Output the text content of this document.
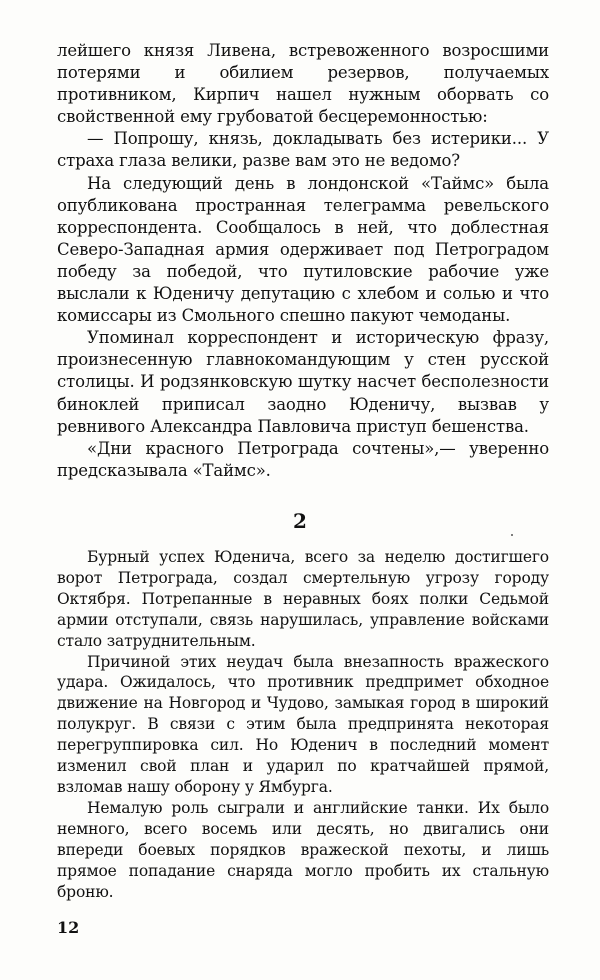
лейшего князя Ливена, встревоженного возросшими потерями и обилием резервов, получаемых противником, Кирпич нашел нужным оборвать со свойственной ему грубоватой бесцеремонностью:

— Попрошу, князь, докладывать без истерики... У страха глаза велики, разве вам это не ведомо?

На следующий день в лондонской «Таймс» была опубликована пространная телеграмма ревельского корреспондента. Сообщалось в ней, что доблестная Северо-Западная армия одерживает под Петроградом победу за победой, что путиловские рабочие уже выслали к Юденичу депутацию с хлебом и солью и что комиссары из Смольного спешно пакуют чемоданы.

Упоминал корреспондент и историческую фразу, произнесенную главнокомандующим у стен русской столицы. И родзянковскую шутку насчет бесполезности биноклей приписал заодно Юденичу, вызвав у ревнивого Александра Павловича приступ бешенства.

«Дни красного Петрограда сочтены»,— уверенно предсказывала «Таймс».

2

Бурный успех Юденича, всего за неделю достигшего ворот Петрограда, создал смертельную угрозу городу Октября. Потрепанные в неравных боях полки Седьмой армии отступали, связь нарушилась, управление войсками стало затруднительным.

Причиной этих неудач была внезапность вражеского удара. Ожидалось, что противник предпримет обходное движение на Новгород и Чудово, замыкая город в широкий полукруг. В связи с этим была предпринята некоторая перегруппировка сил. Но Юденич в последний момент изменил свой план и ударил по кратчайшей прямой, взломав нашу оборону у Ямбурга.

Немалую роль сыграли и английские танки. Их было немного, всего восемь или десять, но двигались они впереди боевых порядков вражеской пехоты, и лишь прямое попадание снаряда могло пробить их стальную броню.

12
